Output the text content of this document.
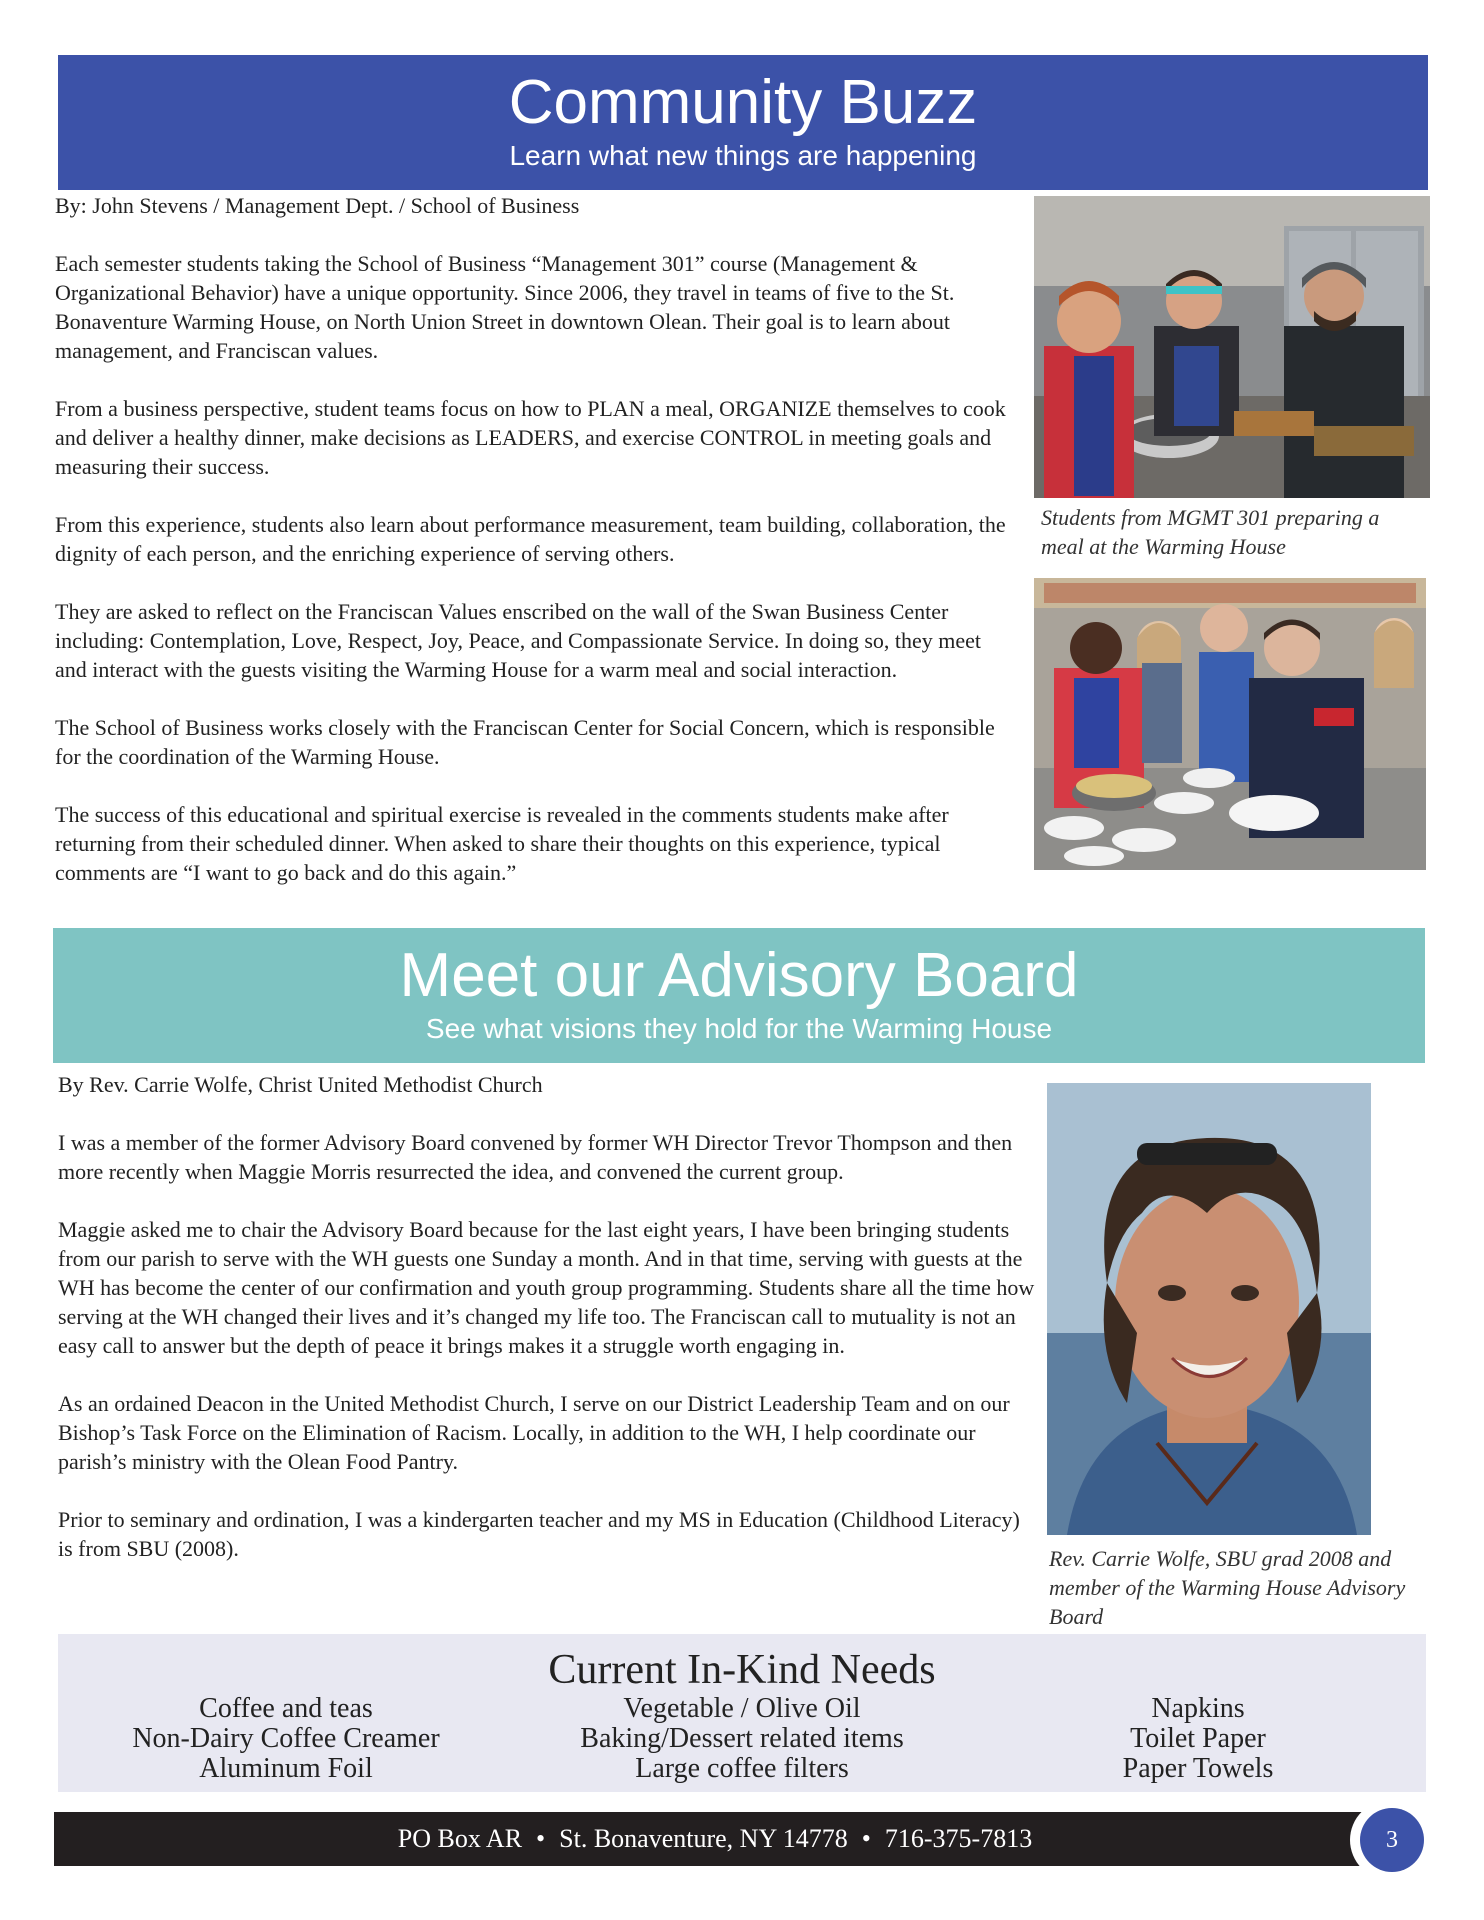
Community Buzz
Learn what new things are happening

By: John Stevens / Management Dept. / School of Business

Each semester students taking the School of Business “Management 301” course (Management & Organizational Behavior) have a unique opportunity. Since 2006, they travel in teams of five to the St. Bonaventure Warming House, on North Union Street in downtown Olean. Their goal is to learn about management, and Franciscan values.

From a business perspective, student teams focus on how to PLAN a meal, ORGANIZE themselves to cook and deliver a healthy dinner, make decisions as LEADERS, and exercise CONTROL in meeting goals and measuring their success.

From this experience, students also learn about performance measurement, team building, collaboration, the dignity of each person, and the enriching experience of serving others.

They are asked to reflect on the Franciscan Values enscribed on the wall of the Swan Business Center including: Contemplation, Love, Respect, Joy, Peace, and Compassionate Service. In doing so, they meet and interact with the guests visiting the Warming House for a warm meal and social interaction.

The School of Business works closely with the Franciscan Center for Social Concern, which is responsible for the coordination of the Warming House.

The success of this educational and spiritual exercise is revealed in the comments students make after returning from their scheduled dinner. When asked to share their thoughts on this experience, typical comments are “I want to go back and do this again.”

Students from MGMT 301 preparing a meal at the Warming House
Meet our Advisory Board
See what visions they hold for the Warming House

By Rev. Carrie Wolfe, Christ United Methodist Church

I was a member of the former Advisory Board convened by former WH Director Trevor Thompson and then more recently when Maggie Morris resurrected the idea, and convened the current group.

Maggie asked me to chair the Advisory Board because for the last eight years, I have been bringing students from our parish to serve with the WH guests one Sunday a month. And in that time, serving with guests at the WH has become the center of our confirmation and youth group programming. Students share all the time how serving at the WH changed their lives and it’s changed my life too. The Franciscan call to mutuality is not an easy call to answer but the depth of peace it brings makes it a struggle worth engaging in.

As an ordained Deacon in the United Methodist Church, I serve on our District Leadership Team and on our Bishop’s Task Force on the Elimination of Racism. Locally, in addition to the WH, I help coordinate our parish’s ministry with the Olean Food Pantry.

Prior to seminary and ordination, I was a kindergarten teacher and my MS in Education (Childhood Literacy) is from SBU (2008).	Rev. Carrie Wolfe, SBU grad 2008 and member of the Warming House Advisory Board
Current In-Kind Needs
Coffee and teas
Non-Dairy Coffee Creamer
Aluminum Foil
Vegetable / Olive Oil
Baking/Dessert related items
Large coffee filters
Napkins
Toilet Paper
Paper Towels
PO Box AR • St. Bonaventure, NY 14778 • 716-375-7813	3
